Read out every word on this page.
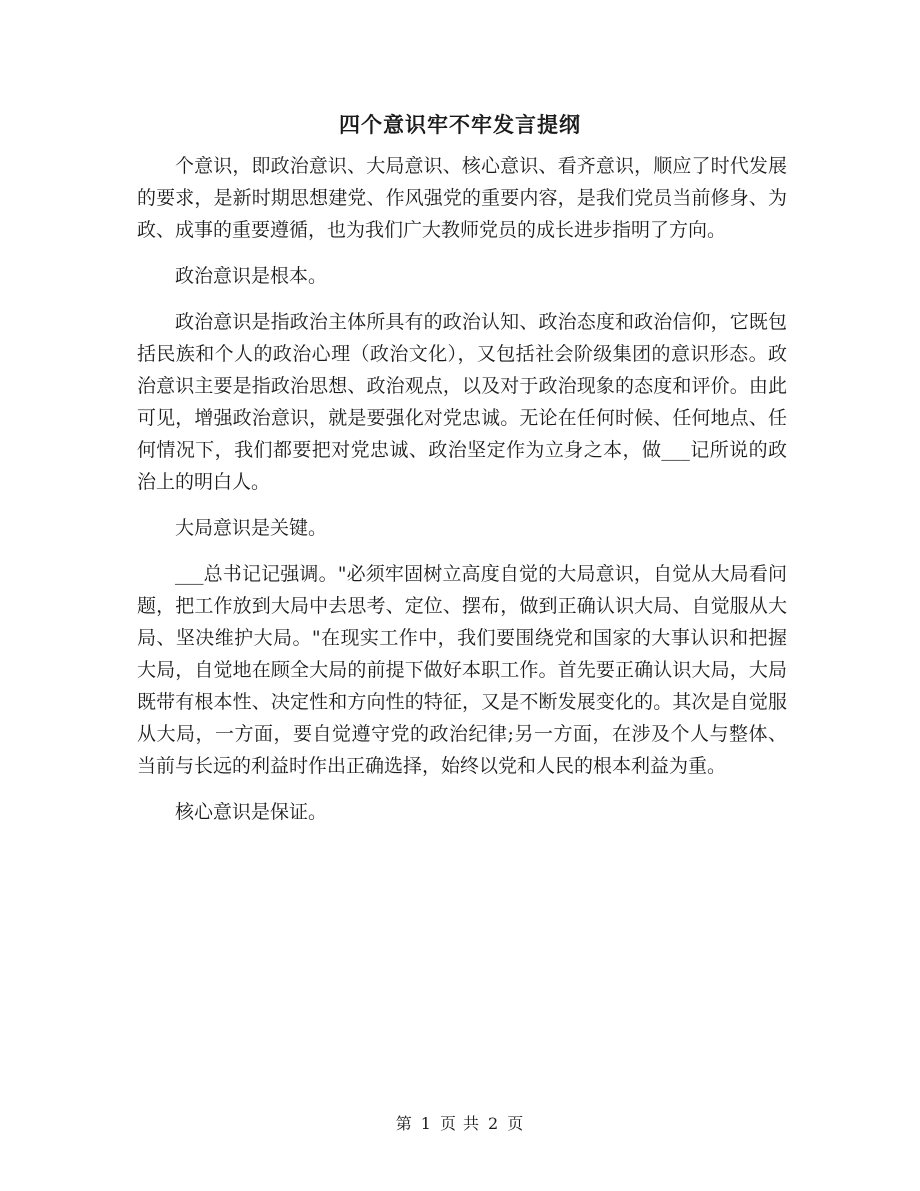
四个意识牢不牢发言提纲

个意识，即政治意识、大局意识、核心意识、看齐意识，顺应了时代发展的要求，是新时期思想建党、作风强党的重要内容，是我们党员当前修身、为政、成事的重要遵循，也为我们广大教师党员的成长进步指明了方向。

政治意识是根本。

政治意识是指政治主体所具有的政治认知、政治态度和政治信仰，它既包括民族和个人的政治心理（政治文化），又包括社会阶级集团的意识形态。政治意识主要是指政治思想、政治观点，以及对于政治现象的态度和评价。由此可见，增强政治意识，就是要强化对党忠诚。无论在任何时候、任何地点、任何情况下，我们都要把对党忠诚、政治坚定作为立身之本，做___记所说的政治上的明白人。

大局意识是关键。

___总书记记强调。"必须牢固树立高度自觉的大局意识，自觉从大局看问题，把工作放到大局中去思考、定位、摆布，做到正确认识大局、自觉服从大局、坚决维护大局。"在现实工作中，我们要围绕党和国家的大事认识和把握大局，自觉地在顾全大局的前提下做好本职工作。首先要正确认识大局，大局既带有根本性、决定性和方向性的特征，又是不断发展变化的。其次是自觉服从大局，一方面，要自觉遵守党的政治纪律;另一方面，在涉及个人与整体、当前与长远的利益时作出正确选择，始终以党和人民的根本利益为重。

核心意识是保证。

第 1 页 共 2 页
